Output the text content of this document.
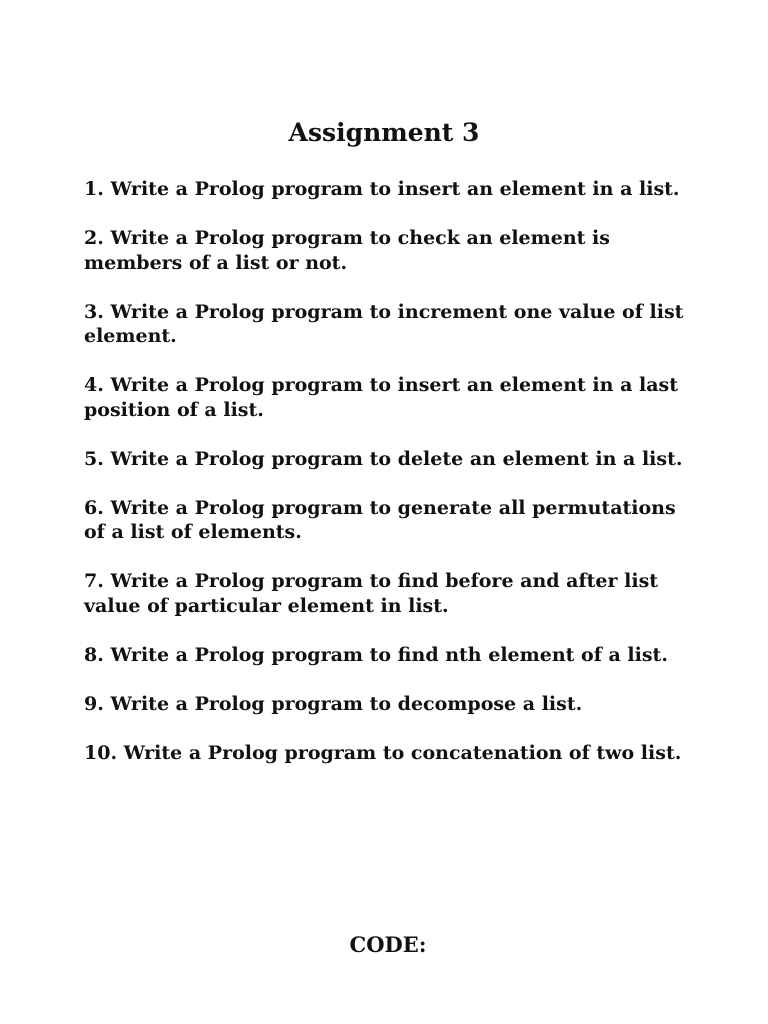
Assignment 3
1. Write a Prolog program to insert an element in a list.
2. Write a Prolog program to check an element is members of a list or not.
3. Write a Prolog program to increment one value of list element.
4. Write a Prolog program to insert an element in a last position of a list.
5. Write a Prolog program to delete an element in a list.
6. Write a Prolog program to generate all permutations of a list of elements.
7. Write a Prolog program to find before and after list value of particular element in list.
8. Write a Prolog program to find nth element of a list.
9. Write a Prolog program to decompose a list.
10. Write a Prolog program to concatenation of two list.
CODE:
